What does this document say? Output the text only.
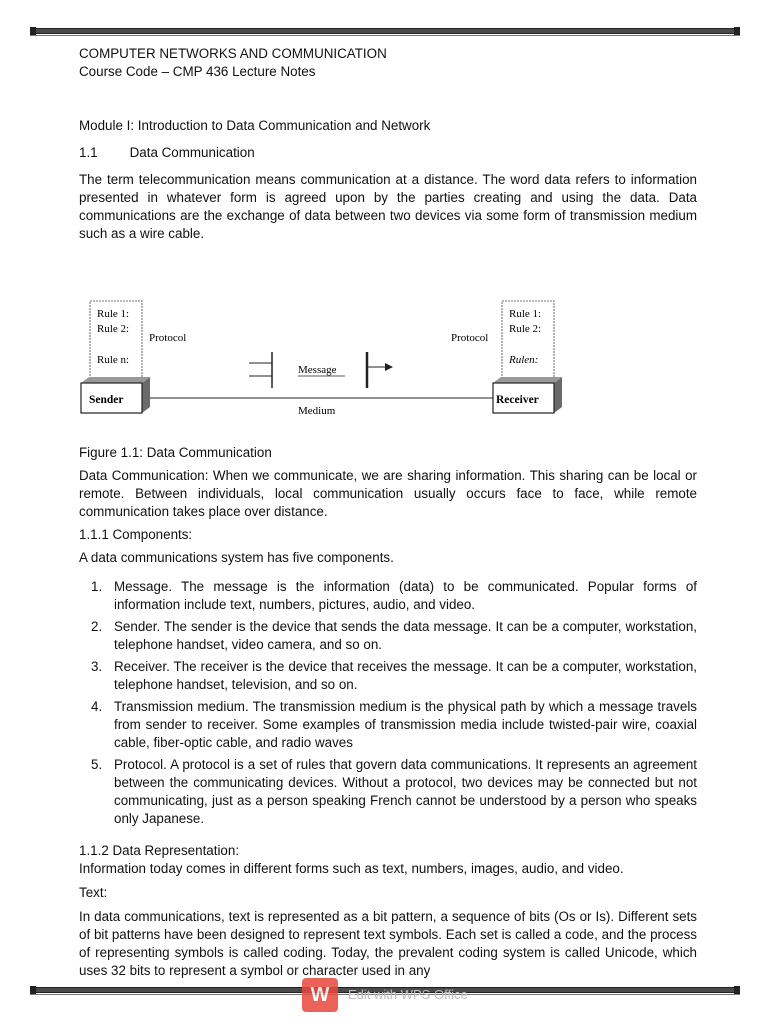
COMPUTER NETWORKS AND COMMUNICATION

Course Code – CMP 436 Lecture Notes

Module I: Introduction to Data Communication and Network

1.1 Data Communication

The term telecommunication means communication at a distance. The word data refers to information presented in whatever form is agreed upon by the parties creating and using the data. Data communications are the exchange of data between two devices via some form of transmission medium such as a wire cable.

Rule 1:
Rule 2:
Rule n:
Protocol
Rule 1:
Rule 2:
Rulen:
Protocol
Message
Medium
Sender	Receiver

Figure 1.1: Data Communication

Data Communication: When we communicate, we are sharing information. This sharing can be local or remote. Between individuals, local communication usually occurs face to face, while remote communication takes place over distance.

1.1.1 Components:

A data communications system has five components.

1. Message. The message is the information (data) to be communicated. Popular forms of information include text, numbers, pictures, audio, and video.
2. Sender. The sender is the device that sends the data message. It can be a computer, workstation, telephone handset, video camera, and so on.
3. Receiver. The receiver is the device that receives the message. It can be a computer, workstation, telephone handset, television, and so on.
4. Transmission medium. The transmission medium is the physical path by which a message travels from sender to receiver. Some examples of transmission media include twisted-pair wire, coaxial cable, fiber-optic cable, and radio waves
5. Protocol. A protocol is a set of rules that govern data communications. It represents an agreement between the communicating devices. Without a protocol, two devices may be connected but not communicating, just as a person speaking French cannot be understood by a person who speaks only Japanese.

1.1.2 Data Representation:

Information today comes in different forms such as text, numbers, images, audio, and video.

Text:

In data communications, text is represented as a bit pattern, a sequence of bits (Os or Is). Different sets of bit patterns have been designed to represent text symbols. Each set is called a code, and the process of representing symbols is called coding. Today, the prevalent coding system is called Unicode, which uses 32 bits to represent a symbol or character used in any

W	Edit with WPS Office
